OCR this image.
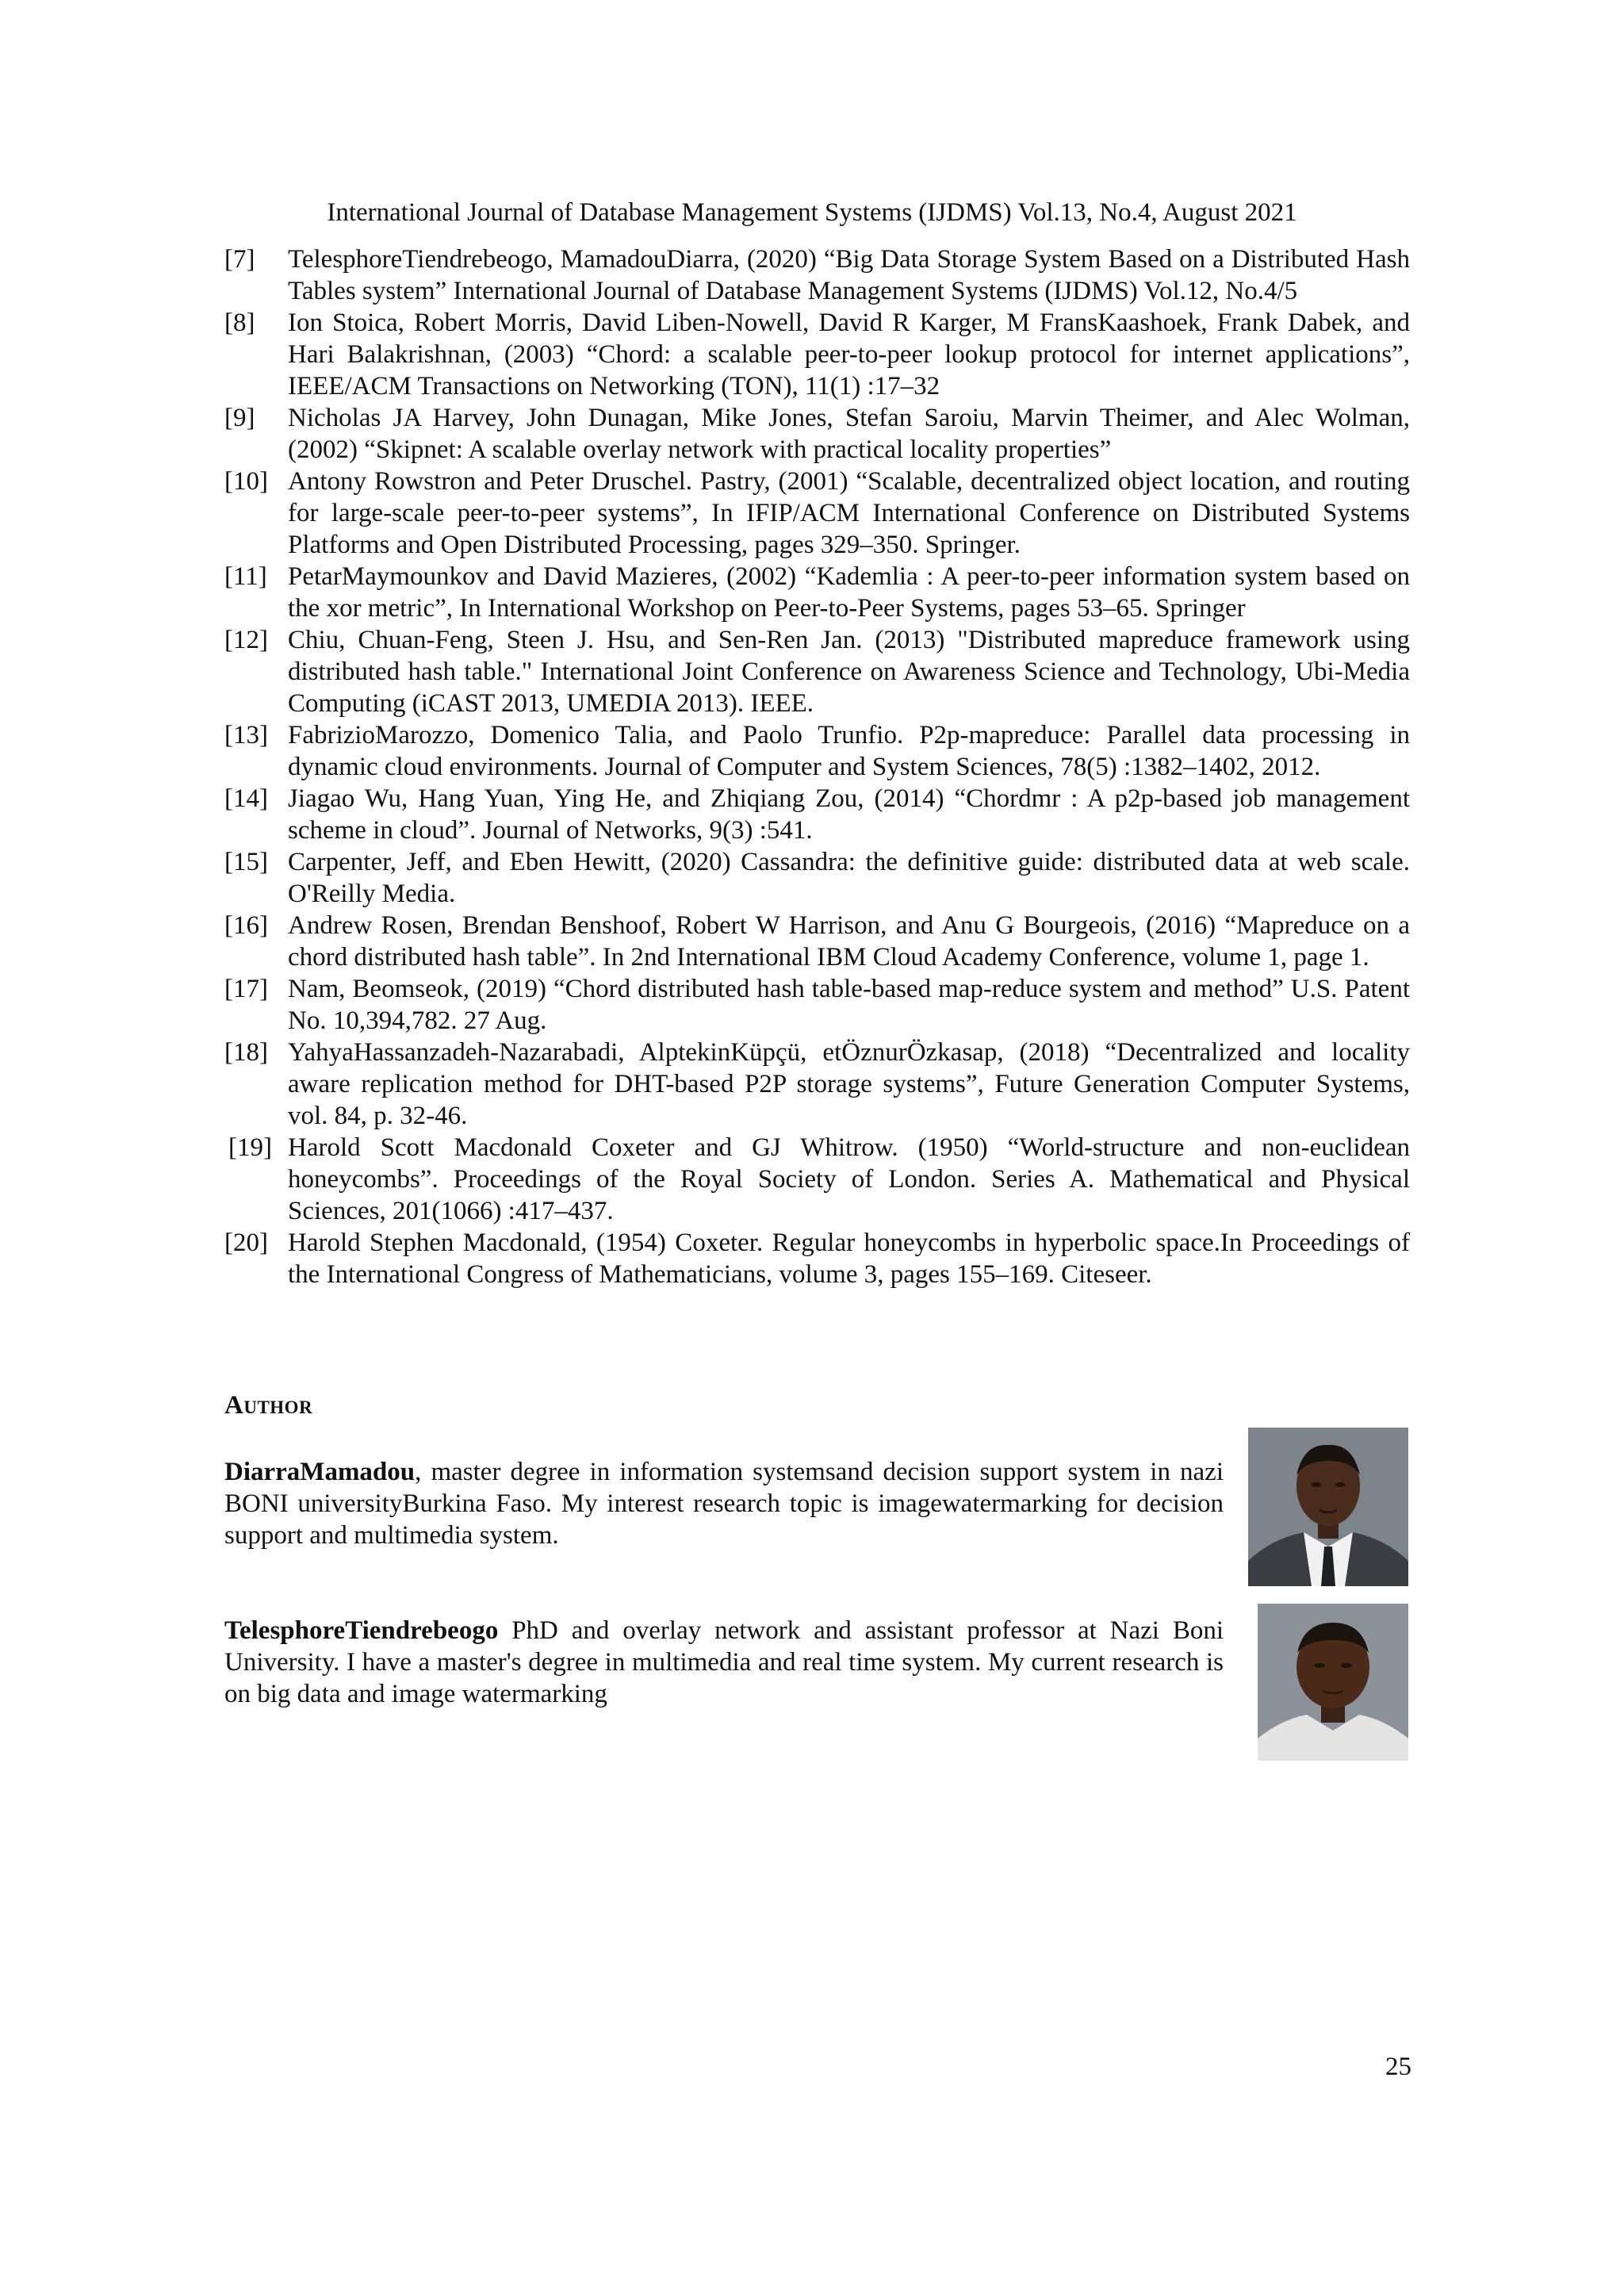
International Journal of Database Management Systems (IJDMS) Vol.13, No.4, August 2021
[7] TelesphoreTiendrebeogo, MamadouDiarra, (2020) “Big Data Storage System Based on a Distributed Hash Tables system” International Journal of Database Management Systems (IJDMS) Vol.12, No.4/5
[8] Ion Stoica, Robert Morris, David Liben-Nowell, David R Karger, M FransKaashoek, Frank Dabek, and Hari Balakrishnan, (2003) “Chord: a scalable peer-to-peer lookup protocol for internet applications”, IEEE/ACM Transactions on Networking (TON), 11(1) :17–32
[9] Nicholas JA Harvey, John Dunagan, Mike Jones, Stefan Saroiu, Marvin Theimer, and Alec Wolman, (2002) “Skipnet: A scalable overlay network with practical locality properties”
[10] Antony Rowstron and Peter Druschel. Pastry, (2001) “Scalable, decentralized object location, and routing for large-scale peer-to-peer systems”, In IFIP/ACM International Conference on Distributed Systems Platforms and Open Distributed Processing, pages 329–350. Springer.
[11] PetarMaymounkov and David Mazieres, (2002) “Kademlia : A peer-to-peer information system based on the xor metric”, In International Workshop on Peer-to-Peer Systems, pages 53–65. Springer
[12] Chiu, Chuan-Feng, Steen J. Hsu, and Sen-Ren Jan. (2013) "Distributed mapreduce framework using distributed hash table." International Joint Conference on Awareness Science and Technology, Ubi-Media Computing (iCAST 2013, UMEDIA 2013). IEEE.
[13] FabrizioMarozzo, Domenico Talia, and Paolo Trunfio. P2p-mapreduce: Parallel data processing in dynamic cloud environments. Journal of Computer and System Sciences, 78(5) :1382–1402, 2012.
[14] Jiagao Wu, Hang Yuan, Ying He, and Zhiqiang Zou, (2014) “Chordmr : A p2p-based job management scheme in cloud”. Journal of Networks, 9(3) :541.
[15] Carpenter, Jeff, and Eben Hewitt, (2020) Cassandra: the definitive guide: distributed data at web scale. O'Reilly Media.
[16] Andrew Rosen, Brendan Benshoof, Robert W Harrison, and Anu G Bourgeois, (2016) “Mapreduce on a chord distributed hash table”. In 2nd International IBM Cloud Academy Conference, volume 1, page 1.
[17] Nam, Beomseok, (2019) “Chord distributed hash table-based map-reduce system and method” U.S. Patent No. 10,394,782. 27 Aug.
[18] YahyaHassanzadeh-Nazarabadi, AlptekinKüpçü, etÖznurÖzkasap, (2018) “Decentralized and locality aware replication method for DHT-based P2P storage systems”, Future Generation Computer Systems, vol. 84, p. 32-46.
[19] Harold Scott Macdonald Coxeter and GJ Whitrow. (1950) “World-structure and non-euclidean honeycombs”. Proceedings of the Royal Society of London. Series A. Mathematical and Physical Sciences, 201(1066) :417–437.
[20] Harold Stephen Macdonald, (1954) Coxeter. Regular honeycombs in hyperbolic space.In Proceedings of the International Congress of Mathematicians, volume 3, pages 155–169. Citeseer.
Author
DiarraMamadou, master degree in information systemsand decision support system in nazi BONI universityBurkina Faso. My interest research topic is imagewatermarking for decision support and multimedia system.
TelesphoreTiendrebeogo PhD and overlay network and assistant professor at Nazi Boni University. I have a master's degree in multimedia and real time system. My current research is on big data and image watermarking
25
